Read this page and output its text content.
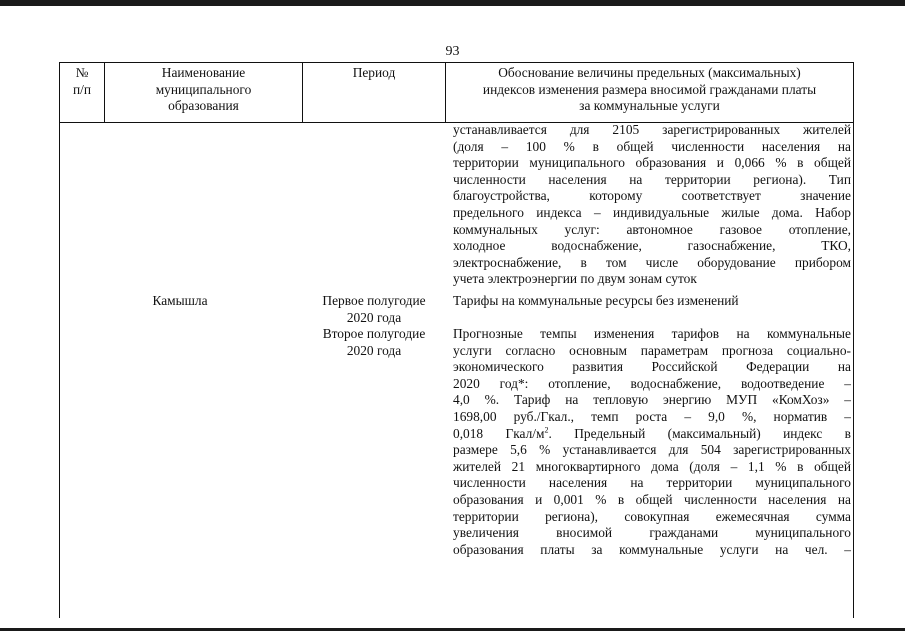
93
№
п/п
Наименование
муниципального
образования
Период	Обоснование величины предельных (максимальных)
индексов изменения размера вносимой гражданами платы
за коммунальные услуги
устанавливается для 2105 зарегистрированных жителей
(доля – 100 % в общей численности населения на
территории муниципального образования и 0,066 % в общей
численности населения на территории региона). Тип
благоустройства, которому соответствует значение
предельного индекса – индивидуальные жилые дома. Набор
коммунальных услуг: автономное газовое отопление,
холодное водоснабжение, газоснабжение, ТКО,
электроснабжение, в том числе оборудование прибором
учета электроэнергии по двум зонам суток
Камышла	Первое полугодие
2020 года
Тарифы на коммунальные ресурсы без изменений
Второе полугодие
2020 года
Прогнозные темпы изменения тарифов на коммунальные
услуги согласно основным параметрам прогноза социально-
экономического развития Российской Федерации на
2020 год*: отопление, водоснабжение, водоотведение –
4,0 %. Тариф на тепловую энергию МУП «КомХоз» –
1698,00 руб./Гкал., темп роста – 9,0 %, норматив –
0,018 Гкал/$м^2$. Предельный (максимальный) индекс в
размере 5,6 % устанавливается для 504 зарегистрированных
жителей 21 многоквартирного дома (доля – 1,1 % в общей
численности населения на территории муниципального
образования и 0,001 % в общей численности населения на
территории региона), совокупная ежемесячная сумма
увеличения вносимой гражданами муниципального
образования платы за коммунальные услуги на чел. –
